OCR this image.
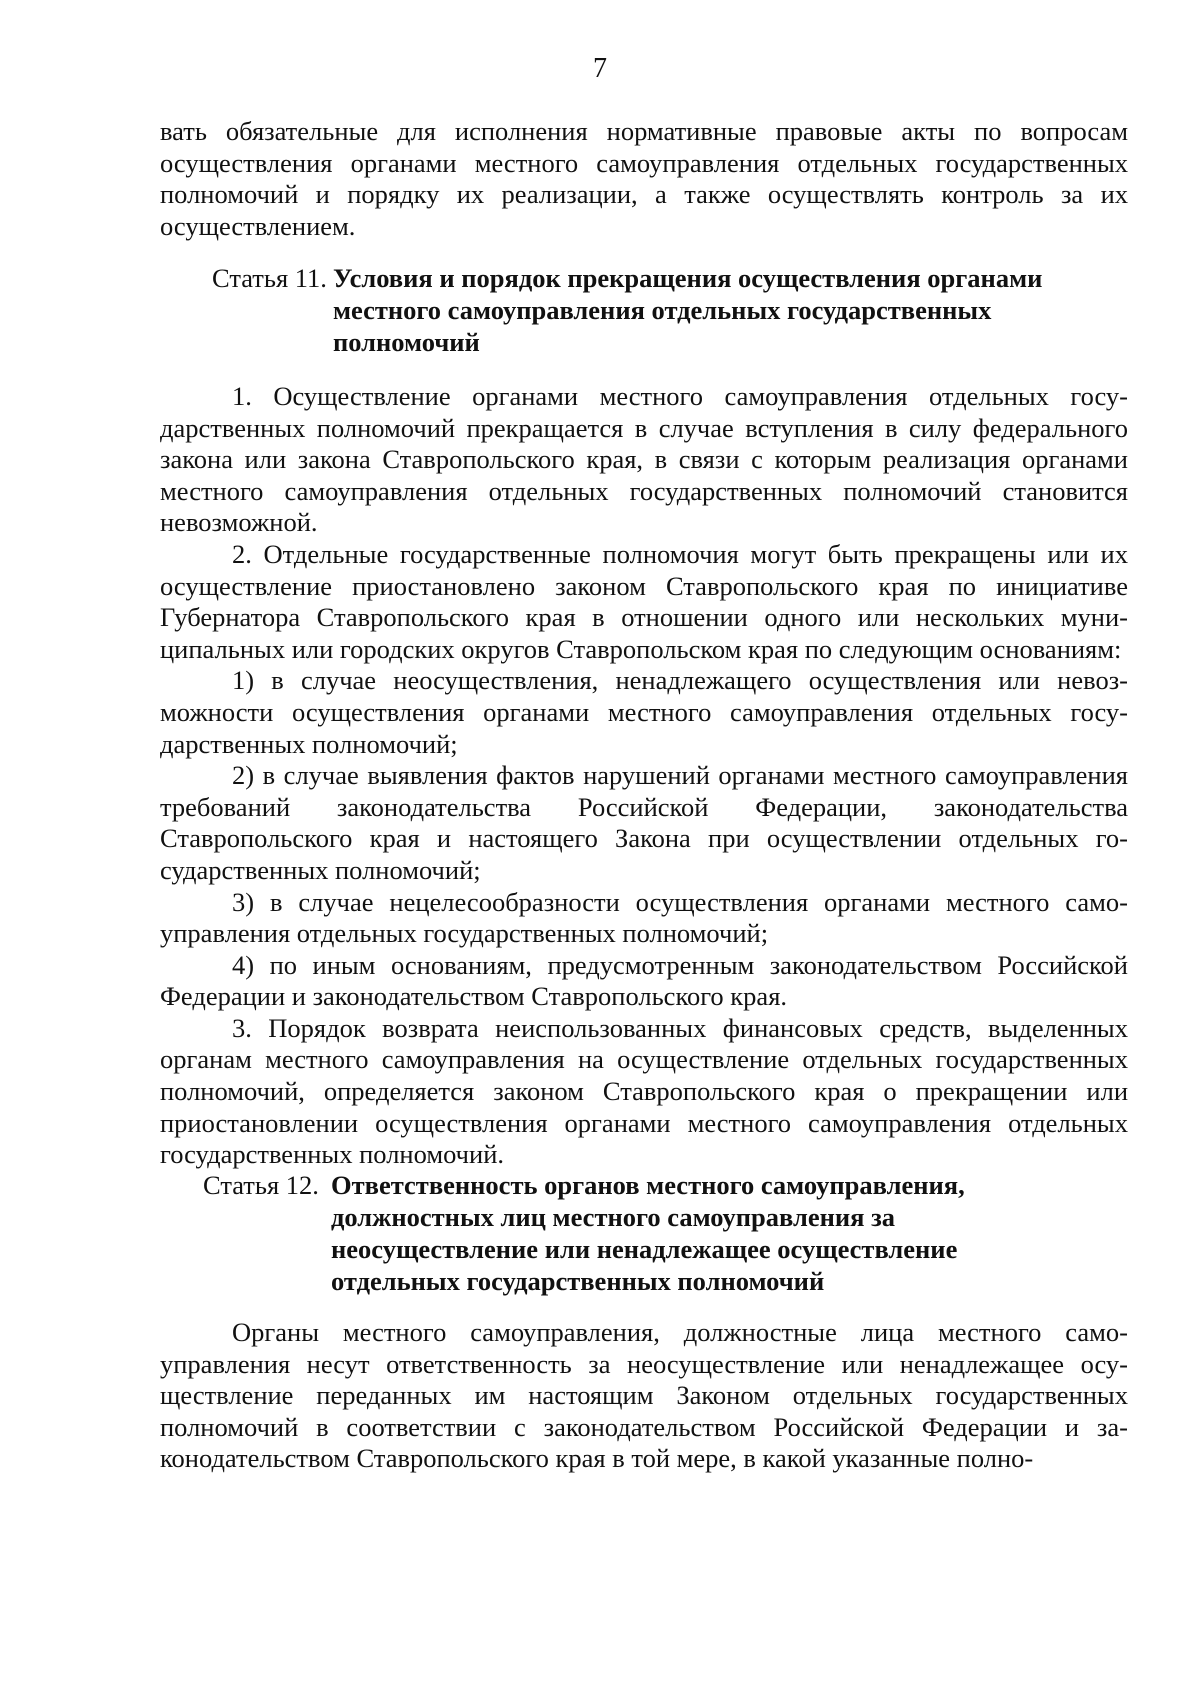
7

вать обязательные для исполнения нормативные правовые акты по вопросам осуществления органами местного самоуправления отдельных государственных полномочий и порядку их реализации, а также осуществлять контроль за их осуществлением.

Статья 11. Условия и порядок прекращения осуществления органами
местного самоуправления отдельных государственных
полномочий

1. Осуществление органами местного самоуправления отдельных государственных полномочий прекращается в случае вступления в силу федерального закона или закона Ставропольского края, в связи с которым реализация органами местного самоуправления отдельных государственных полномочий становится невозможной.

2. Отдельные государственные полномочия могут быть прекращены или их осуществление приостановлено законом Ставропольского края по инициативе Губернатора Ставропольского края в отношении одного или нескольких муниципальных или городских округов Ставропольском края по следующим основаниям:

1) в случае неосуществления, ненадлежащего осуществления или невозможности осуществления органами местного самоуправления отдельных государственных полномочий;

2) в случае выявления фактов нарушений органами местного самоуправления требований законодательства Российской Федерации, законодательства Ставропольского края и настоящего Закона при осуществлении отдельных государственных полномочий;

3) в случае нецелесообразности осуществления органами местного самоуправления отдельных государственных полномочий;

4) по иным основаниям, предусмотренным законодательством Российской Федерации и законодательством Ставропольского края.

3. Порядок возврата неиспользованных финансовых средств, выделенных органам местного самоуправления на осуществление отдельных государственных полномочий, определяется законом Ставропольского края о прекращении или приостановлении осуществления органами местного самоуправления отдельных государственных полномочий.

Статья 12. Ответственность органов местного самоуправления,
должностных лиц местного самоуправления за
неосуществление или ненадлежащее осуществление
отдельных государственных полномочий

Органы местного самоуправления, должностные лица местного самоуправления несут ответственность за неосуществление или ненадлежащее осуществление переданных им настоящим Законом отдельных государственных полномочий в соответствии с законодательством Российской Федерации и законодательством Ставропольского края в той мере, в какой указанные полно-
